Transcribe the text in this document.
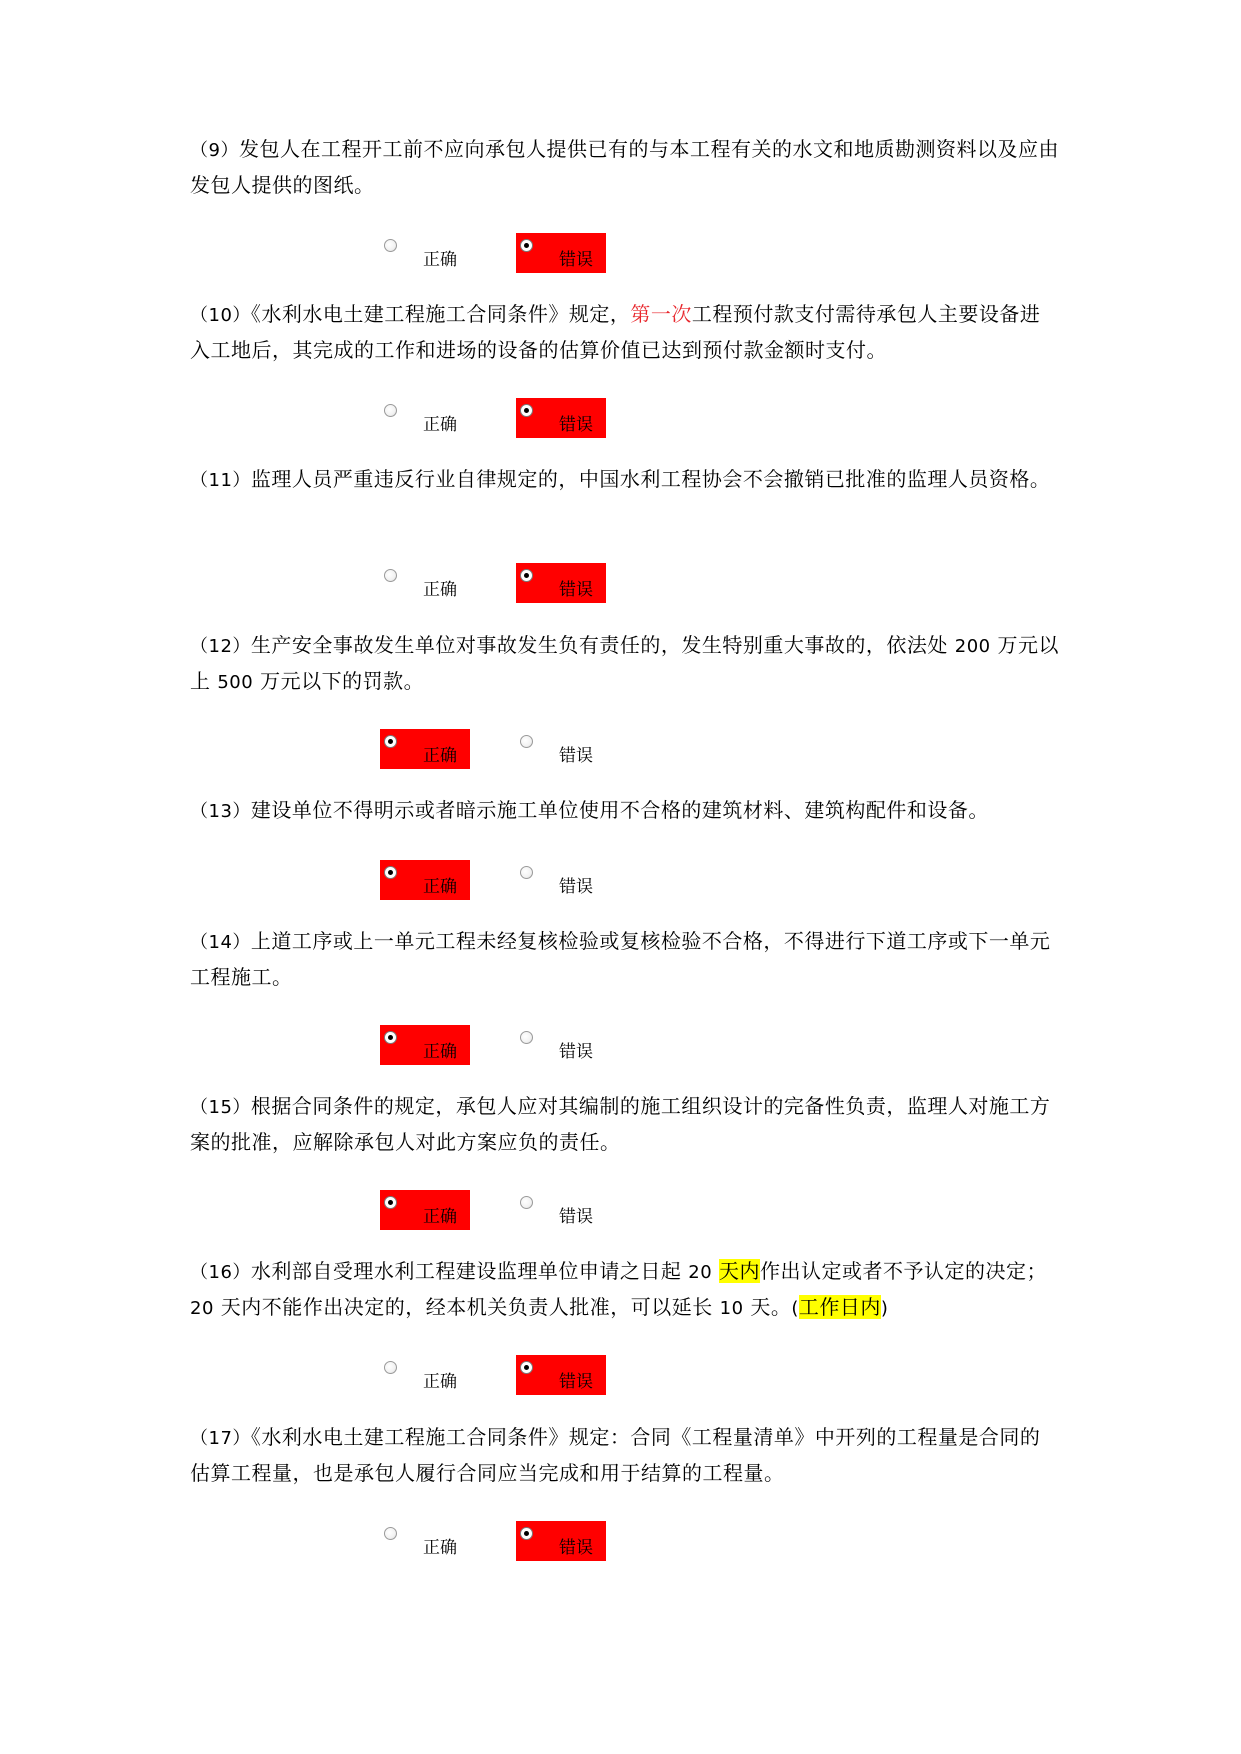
（9）发包人在工程开工前不应向承包人提供已有的与本工程有关的水文和地质勘测资料以及应由发包人提供的图纸。

正确	错误

（10）《水利水电土建工程施工合同条件》规定，第一次工程预付款支付需待承包人主要设备进入工地后，其完成的工作和进场的设备的估算价值已达到预付款金额时支付。

正确	错误

（11）监理人员严重违反行业自律规定的，中国水利工程协会不会撤销已批准的监理人员资格。

正确	错误

（12）生产安全事故发生单位对事故发生负有责任的，发生特别重大事故的，依法处 200 万元以上 500 万元以下的罚款。

正确	错误

（13）建设单位不得明示或者暗示施工单位使用不合格的建筑材料、建筑构配件和设备。

正确	错误

（14）上道工序或上一单元工程未经复核检验或复核检验不合格，不得进行下道工序或下一单元工程施工。

正确	错误

（15）根据合同条件的规定，承包人应对其编制的施工组织设计的完备性负责，监理人对施工方案的批准，应解除承包人对此方案应负的责任。

正确	错误

（16）水利部自受理水利工程建设监理单位申请之日起 20 天内作出认定或者不予认定的决定；20 天内不能作出决定的，经本机关负责人批准，可以延长 10 天。(工作日内)

正确	错误

（17）《水利水电土建工程施工合同条件》规定：合同《工程量清单》中开列的工程量是合同的估算工程量，也是承包人履行合同应当完成和用于结算的工程量。

正确	错误
